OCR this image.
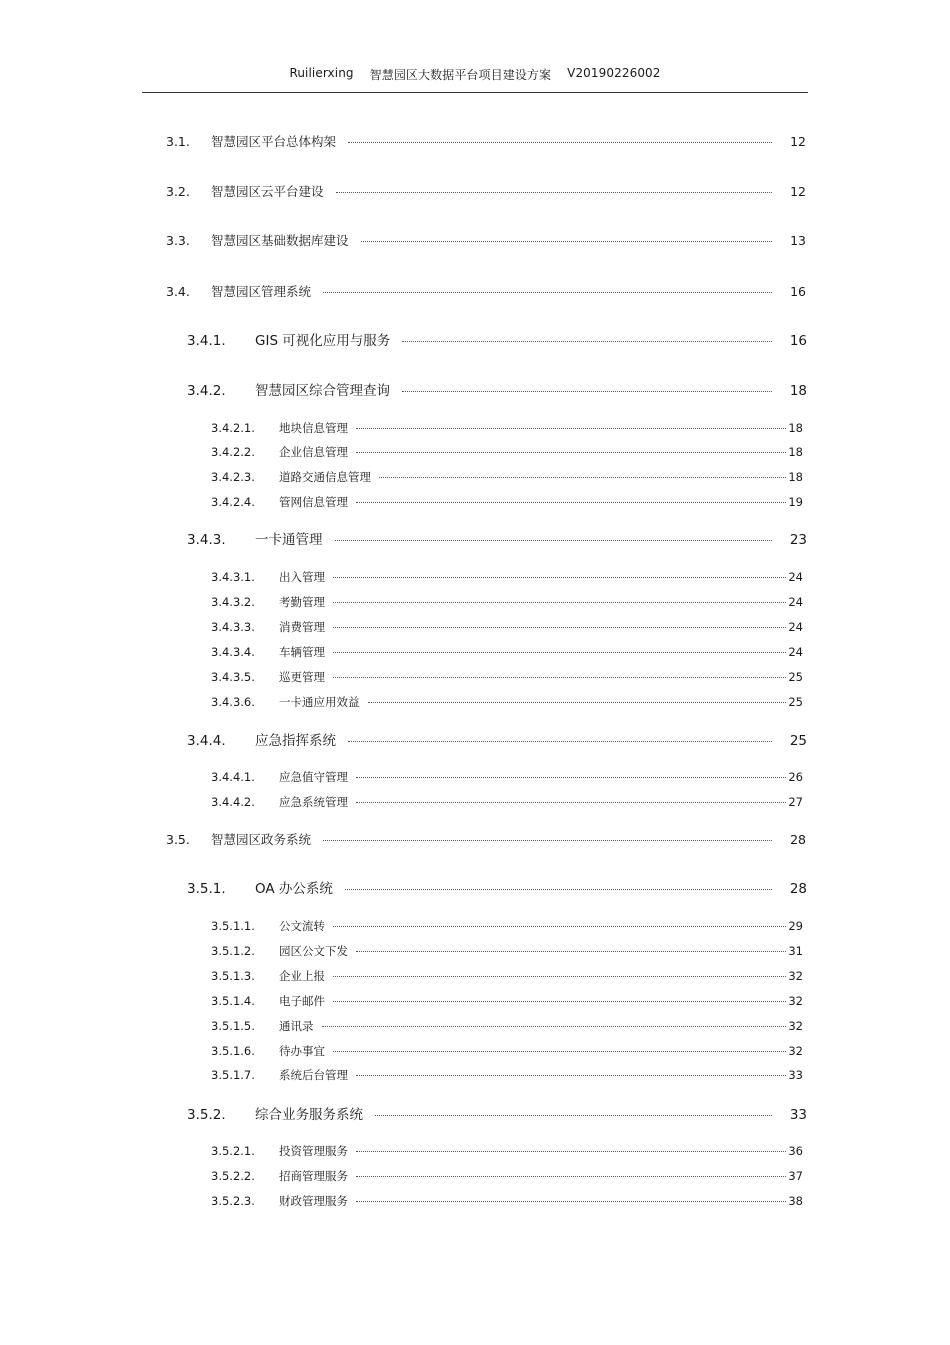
Ruilierxing 智慧园区大数据平台项目建设方案 V20190226002
3.1.	智慧园区平台总体构架	12
3.2.	智慧园区云平台建设	12
3.3.	智慧园区基础数据库建设	13
3.4.	智慧园区管理系统	16
3.4.1.	GIS 可视化应用与服务	16
3.4.2.	智慧园区综合管理查询	18
3.4.2.1.	地块信息管理	18
3.4.2.2.	企业信息管理	18
3.4.2.3.	道路交通信息管理	18
3.4.2.4.	管网信息管理	19
3.4.3.	一卡通管理	23
3.4.3.1.	出入管理	24
3.4.3.2.	考勤管理	24
3.4.3.3.	消费管理	24
3.4.3.4.	车辆管理	24
3.4.3.5.	巡更管理	25
3.4.3.6.	一卡通应用效益	25
3.4.4.	应急指挥系统	25
3.4.4.1.	应急值守管理	26
3.4.4.2.	应急系统管理	27
3.5.	智慧园区政务系统	28
3.5.1.	OA 办公系统	28
3.5.1.1.	公文流转	29
3.5.1.2.	园区公文下发	31
3.5.1.3.	企业上报	32
3.5.1.4.	电子邮件	32
3.5.1.5.	通讯录	32
3.5.1.6.	待办事宜	32
3.5.1.7.	系统后台管理	33
3.5.2.	综合业务服务系统	33
3.5.2.1.	投资管理服务	36
3.5.2.2.	招商管理服务	37
3.5.2.3.	财政管理服务	38
